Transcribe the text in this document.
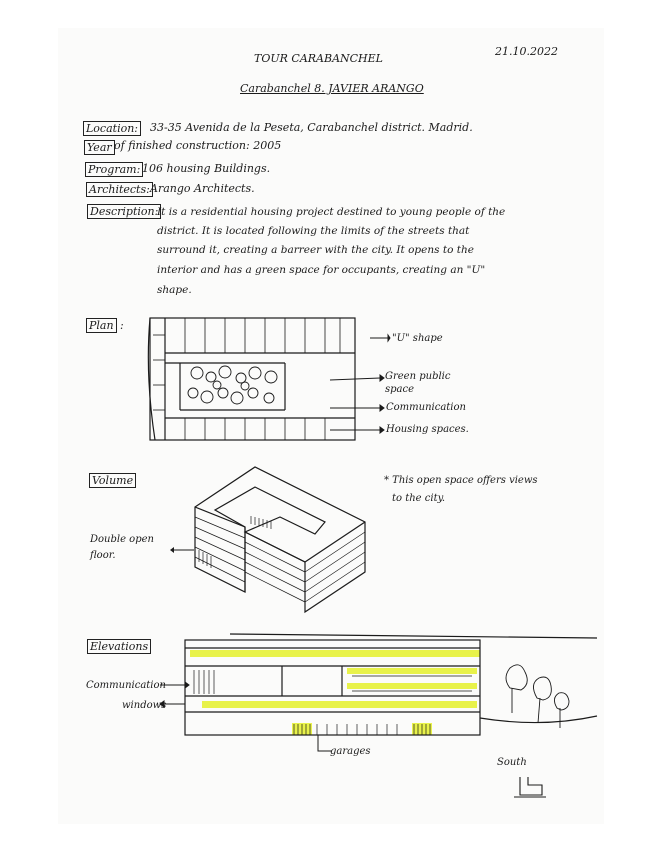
TOUR CARABANCHEL
21.10.2022
Carabanchel 8. JAVIER ARANGO
Location: 33-35 Avenida de la Peseta, Carabanchel district. Madrid.
Year of finished construction: 2005
Program: 106 housing Buildings.
Architects: Arango Architects.
Description:
It is a residential housing project destined to young people of the
district. It is located following the limits of the streets that
surround it, creating a barreer with the city. It opens to the
interior and has a green space for occupants, creating an "U"
shape.
Plan :
"U" shape
Green public space
Communication
Housing spaces.
Volume
Double open
floor.
* This open space offers views
to the city.
Elevations
Communication
windows
garages
South
